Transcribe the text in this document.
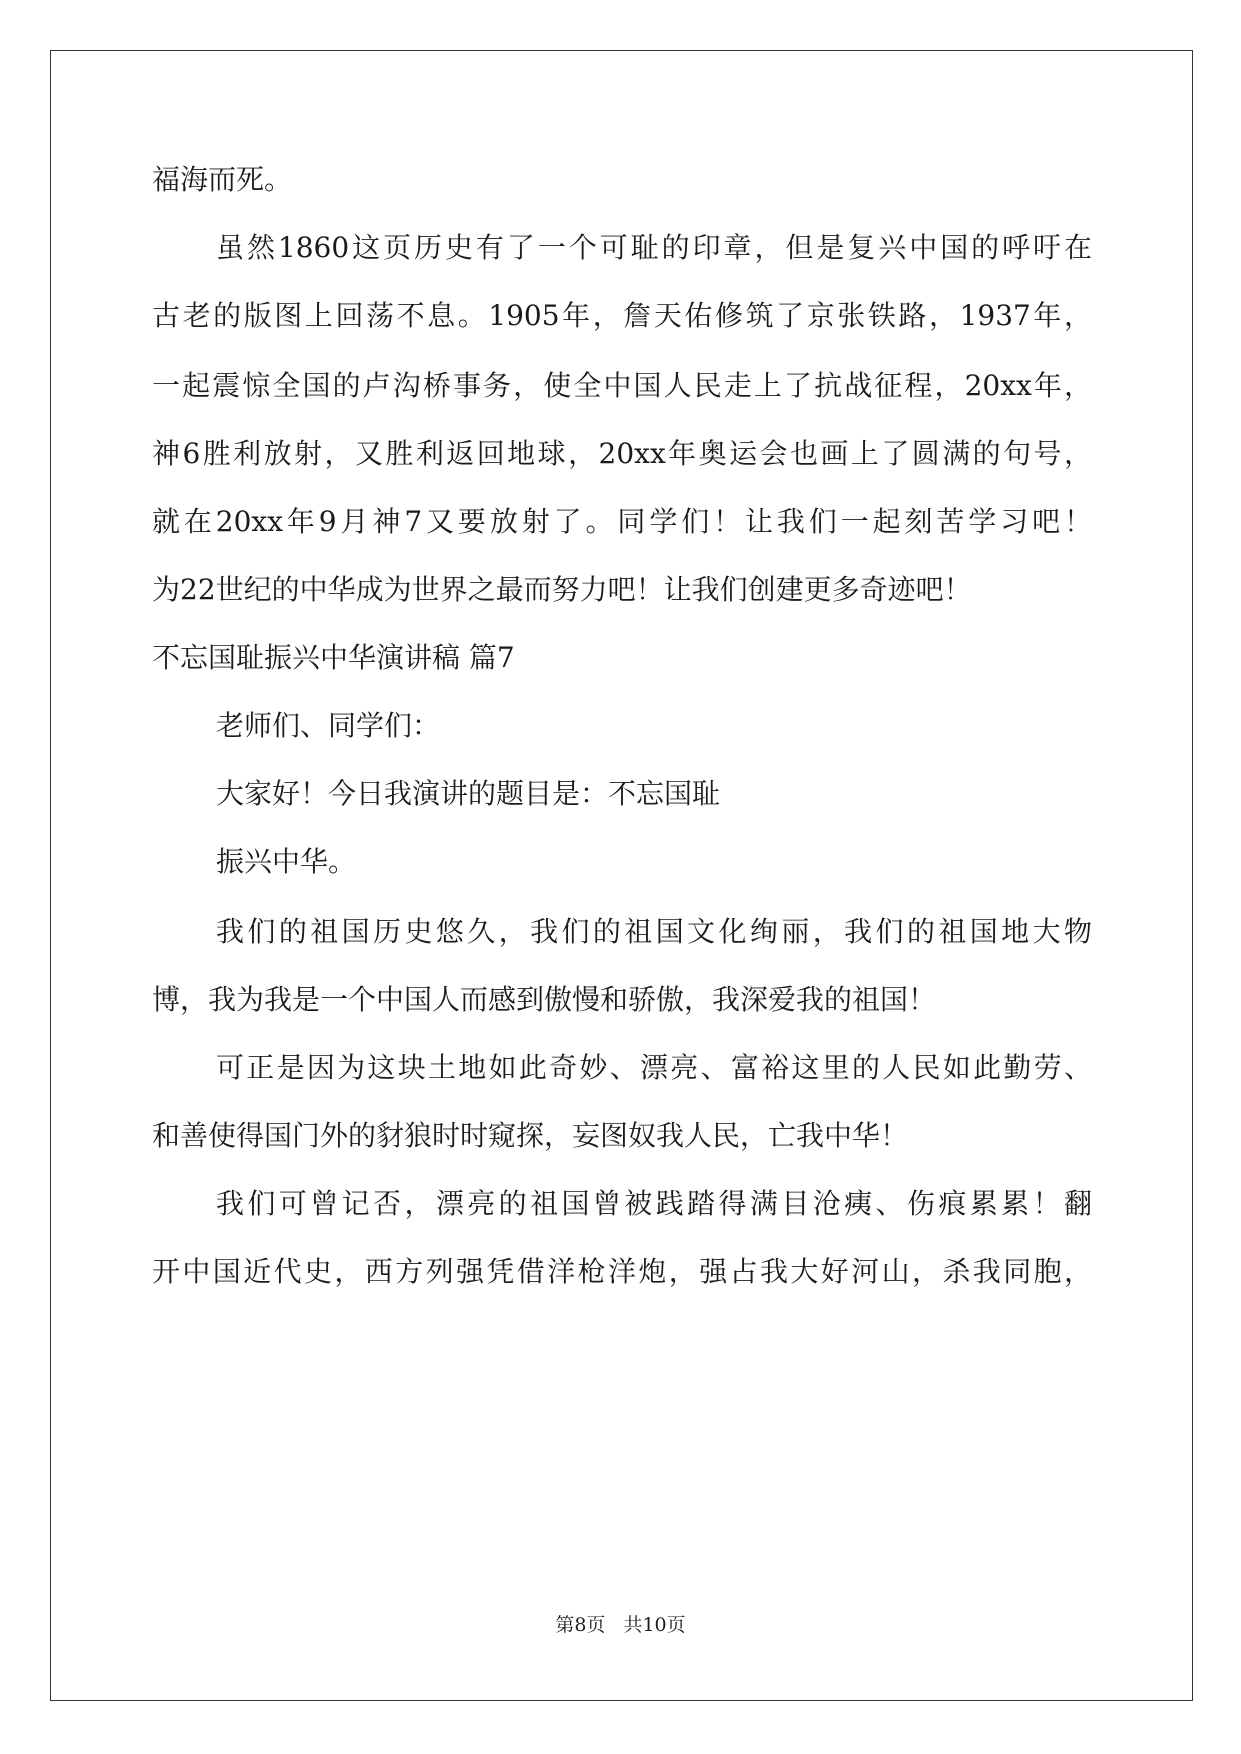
福海而死。
虽然1860这页历史有了一个可耻的印章，但是复兴中国的呼吁在
古老的版图上回荡不息。1905年，詹天佑修筑了京张铁路，1937年，
一起震惊全国的卢沟桥事务，使全中国人民走上了抗战征程，20xx年，
神6胜利放射，又胜利返回地球，20xx年奥运会也画上了圆满的句号，
就在20xx年9月神7又要放射了。同学们！让我们一起刻苦学习吧！
为22世纪的中华成为世界之最而努力吧！让我们创建更多奇迹吧！
不忘国耻振兴中华演讲稿 篇7
老师们、同学们：
大家好！今日我演讲的题目是：不忘国耻
振兴中华。
我们的祖国历史悠久，我们的祖国文化绚丽，我们的祖国地大物
博，我为我是一个中国人而感到傲慢和骄傲，我深爱我的祖国！
可正是因为这块土地如此奇妙、漂亮、富裕这里的人民如此勤劳、
和善使得国门外的豺狼时时窥探，妄图奴我人民，亡我中华！
我们可曾记否，漂亮的祖国曾被践踏得满目沧痍、伤痕累累！翻
开中国近代史，西方列强凭借洋枪洋炮，强占我大好河山，杀我同胞，
第8页 共10页
